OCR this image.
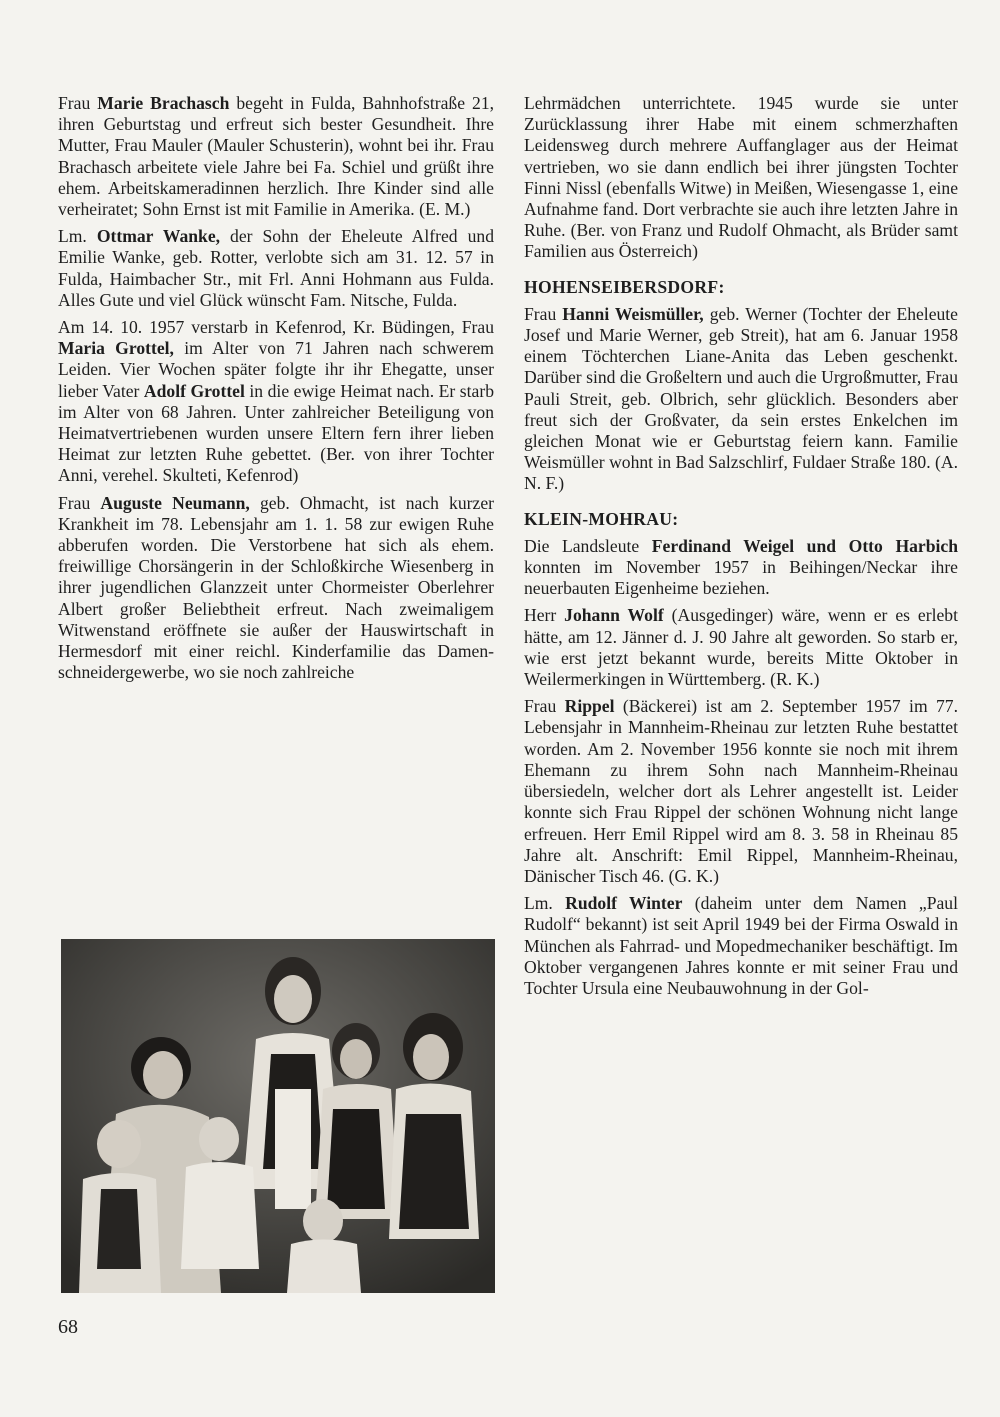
Frau Marie Brachasch begeht in Fulda, Bahnhofstraße 21, ihren Geburtstag und erfreut sich bester Gesundheit. Ihre Mutter, Frau Mauler (Mauler Schusterin), wohnt bei ihr. Frau Brachasch arbeitete viele Jahre bei Fa. Schiel und grüßt ihre ehem. Arbeitskameradinnen herzlich. Ihre Kinder sind alle verheiratet; Sohn Ernst ist mit Familie in Amerika. (E. M.)

Lm. Ottmar Wanke, der Sohn der Eheleute Alfred und Emilie Wanke, geb. Rotter, verlobte sich am 31. 12. 57 in Fulda, Haimbacher Str., mit Frl. Anni Hohmann aus Fulda. Alles Gute und viel Glück wünscht Fam. Nitsche, Fulda.

Am 14. 10. 1957 verstarb in Kefenrod, Kr. Büdingen, Frau Maria Grottel, im Alter von 71 Jahren nach schwerem Leiden. Vier Wochen später folgte ihr ihr Ehegatte, unser lieber Vater Adolf Grottel in die ewige Heimat nach. Er starb im Alter von 68 Jahren. Unter zahlreicher Beteiligung von Heimatvertriebenen wurden unsere Eltern fern ihrer lieben Heimat zur letzten Ruhe gebettet. (Ber. von ihrer Tochter Anni, verehel. Skulteti, Kefenrod)

Frau Auguste Neumann, geb. Ohmacht, ist nach kurzer Krankheit im 78. Lebensjahr am 1. 1. 58 zur ewigen Ruhe abberufen worden. Die Verstorbene hat sich als ehem. freiwillige Chorsängerin in der Schloßkirche Wiesenberg in ihrer jugendlichen Glanzzeit unter Chormeister Oberlehrer Albert großer Beliebtheit erfreut. Nach zweimaligem Witwenstand eröffnete sie außer der Hauswirtschaft in Hermesdorf mit einer reichl. Kinderfamilie das Damenschneidergewerbe, wo sie noch zahlreiche

Lehrmädchen unterrichtete. 1945 wurde sie unter Zurücklassung ihrer Habe mit einem schmerzhaften Leidensweg durch mehrere Auffanglager aus der Heimat vertrieben, wo sie dann endlich bei ihrer jüngsten Tochter Finni Nissl (ebenfalls Witwe) in Meißen, Wiesengasse 1, eine Aufnahme fand. Dort verbrachte sie auch ihre letzten Jahre in Ruhe. (Ber. von Franz und Rudolf Ohmacht, als Brüder samt Familien aus Österreich)

HOHENSEIBERSDORF:

Frau Hanni Weismüller, geb. Werner (Tochter der Eheleute Josef und Marie Werner, geb Streit), hat am 6. Januar 1958 einem Töchterchen Liane-Anita das Leben geschenkt. Darüber sind die Großeltern und auch die Urgroßmutter, Frau Pauli Streit, geb. Olbrich, sehr glücklich. Besonders aber freut sich der Großvater, da sein erstes Enkelchen im gleichen Monat wie er Geburtstag feiern kann. Familie Weismüller wohnt in Bad Salzschlirf, Fuldaer Straße 180. (A. N. F.)

KLEIN-MOHRAU:

Die Landsleute Ferdinand Weigel und Otto Harbich konnten im November 1957 in Beihingen/Neckar ihre neuerbauten Eigenheime beziehen.

Herr Johann Wolf (Ausgedinger) wäre, wenn er es erlebt hätte, am 12. Jänner d. J. 90 Jahre alt geworden. So starb er, wie erst jetzt bekannt wurde, bereits Mitte Oktober in Weilermerkingen in Württemberg. (R. K.)

Frau Rippel (Bäckerei) ist am 2. September 1957 im 77. Lebensjahr in Mannheim-Rheinau zur letzten Ruhe bestattet worden. Am 2. November 1956 konnte sie noch mit ihrem Ehemann zu ihrem Sohn nach Mannheim-Rheinau übersiedeln, welcher dort als Lehrer angestellt ist. Leider konnte sich Frau Rippel der schönen Wohnung nicht lange erfreuen. Herr Emil Rippel wird am 8. 3. 58 in Rheinau 85 Jahre alt. Anschrift: Emil Rippel, Mannheim-Rheinau, Dänischer Tisch 46. (G. K.)

Lm. Rudolf Winter (daheim unter dem Namen „Paul Rudolf“ bekannt) ist seit April 1949 bei der Firma Oswald in München als Fahrrad- und Mopedmechaniker beschäftigt. Im Oktober vergangenen Jahres konnte er mit seiner Frau und Tochter Ursula eine Neubauwohnung in der Gol-

68
